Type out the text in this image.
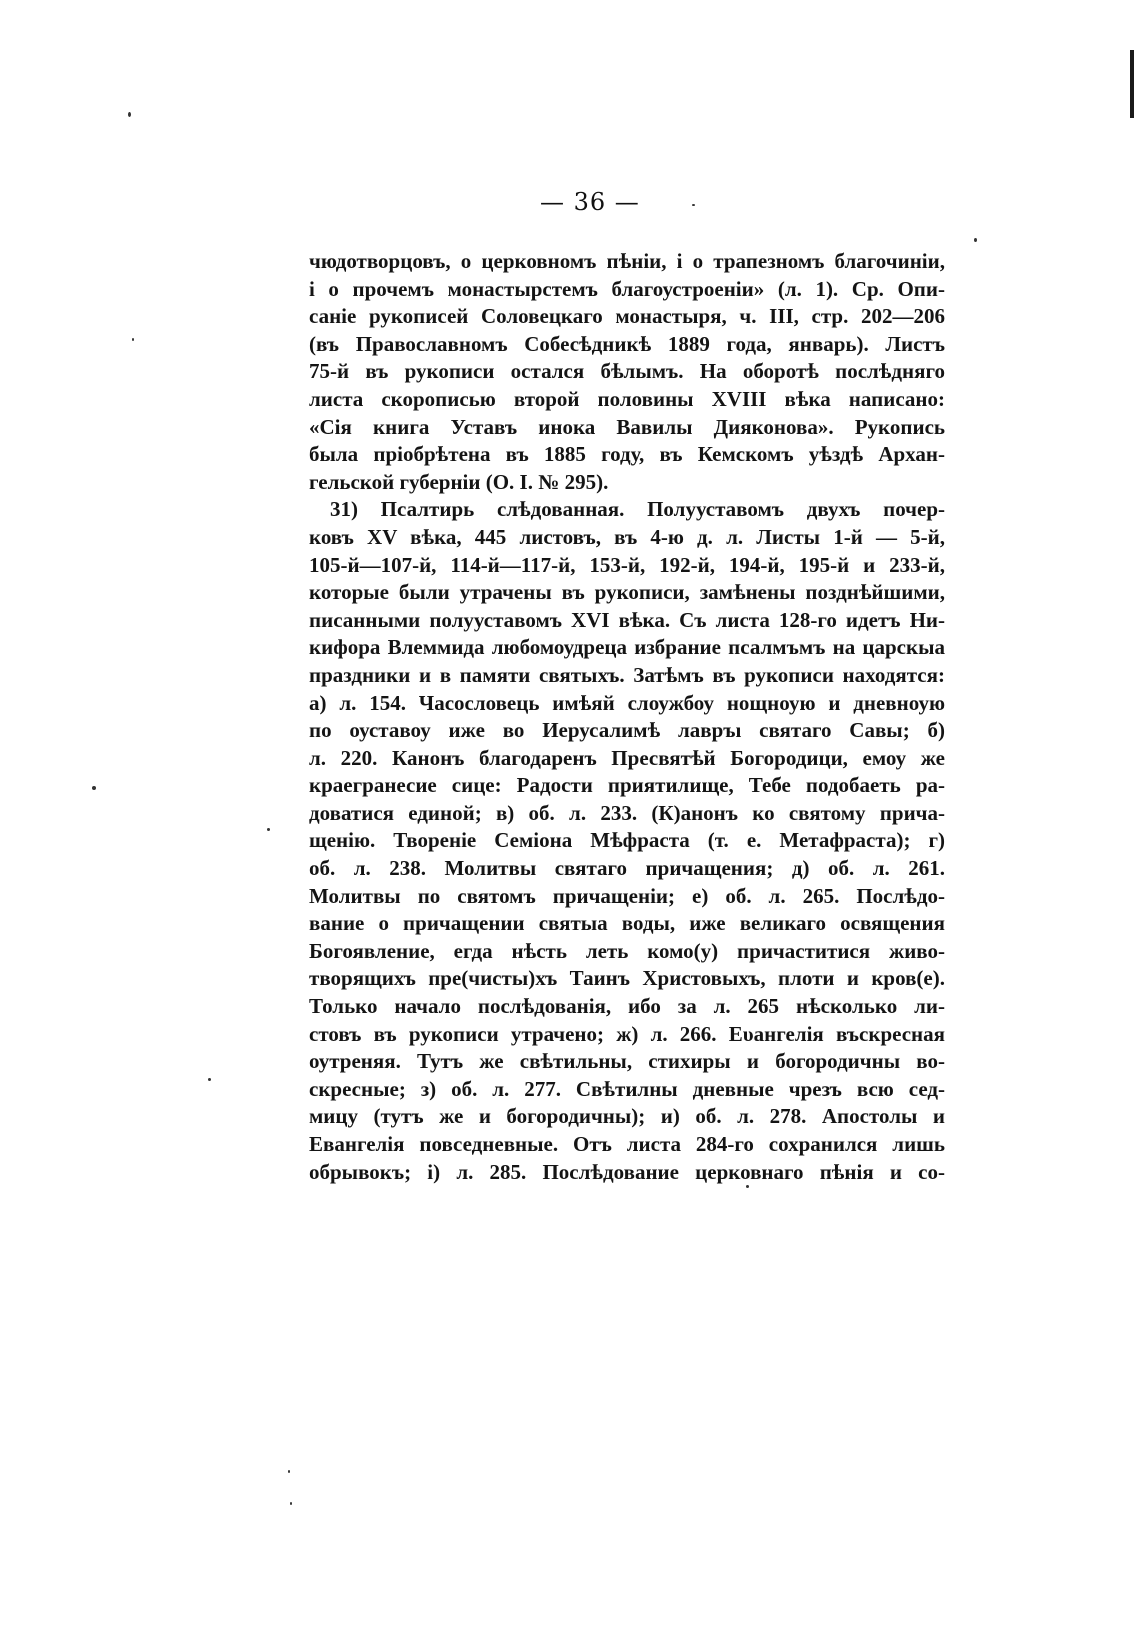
— 36 —
чюдотворцовъ, о церковномъ пѣніи, і о трапезномъ благочиніи,
і о прочемъ монастырстемъ благоустроеніи» (л. 1). Ср. Опи-
саніе рукописей Соловецкаго монастыря, ч. III, стр. 202—206
(въ Православномъ Собесѣдникѣ 1889 года, январь). Листъ
75-й въ рукописи остался бѣлымъ. На оборотѣ послѣдняго
листа скорописью второй половины XVIII вѣка написано:
«Сія книга Уставъ инока Вавилы Дияконова». Рукопись
была пріобрѣтена въ 1885 году, въ Кемскомъ уѣздѣ Архан-
гельской губерніи (О. І. № 295).
31) Псалтирь слѣдованная. Полууставомъ двухъ почер-
ковъ XV вѣка, 445 листовъ, въ 4-ю д. л. Листы 1-й — 5-й,
105-й—107-й, 114-й—117-й, 153-й, 192-й, 194-й, 195-й и 233-й,
которые были утрачены въ рукописи, замѣнены позднѣйшими,
писанными полууставомъ XVI вѣка. Съ листа 128-го идетъ Ни-
кифора Влеммида любомоудреца избрание псалмъмъ на царскыа
праздники и в памяти святыхъ. Затѣмъ въ рукописи находятся:
а) л. 154. Часословець имѣяй слоужбоу нощноую и дневноую
по оуставоу иже во Иерусалимѣ лавръı святаго Савы; б)
л. 220. Канонъ благодаренъ Пресвятѣй Богородици, емоу же
краегранесие сице: Радости приятилище, Тебе подобаеть ра-
доватися единой; в) об. л. 233. (К)анонъ ко святому прича-
щенію. Твореніе Семіона Мѣфраста (т. е. Метафраста); г)
об. л. 238. Молитвы святаго причащения; д) об. л. 261.
Молитвы по святомъ причащеніи; е) об. л. 265. Послѣдо-
вание о причащении святыа воды, иже великаго освящения
Богоявление, егда нѣсть леть комо(у) причаститися живо-
творящихъ пре(чисты)хъ Таинъ Христовыхъ, плоти и кров(е).
Только начало послѣдованія, ибо за л. 265 нѣсколько ли-
стовъ въ рукописи утрачено; ж) л. 266. Еυангелія въскресная
оутреняя. Тутъ же свѣтильны, стихиры и богородичны во-
скресные; з) об. л. 277. Свѣтилны дневные чрезъ всю сед-
мицу (тутъ же и богородичны); и) об. л. 278. Апостолы и
Евангелія повседневные. Отъ листа 284-го сохранился лишь
обрывокъ; і) л. 285. Послѣдование церковнаго пѣнія и со-
